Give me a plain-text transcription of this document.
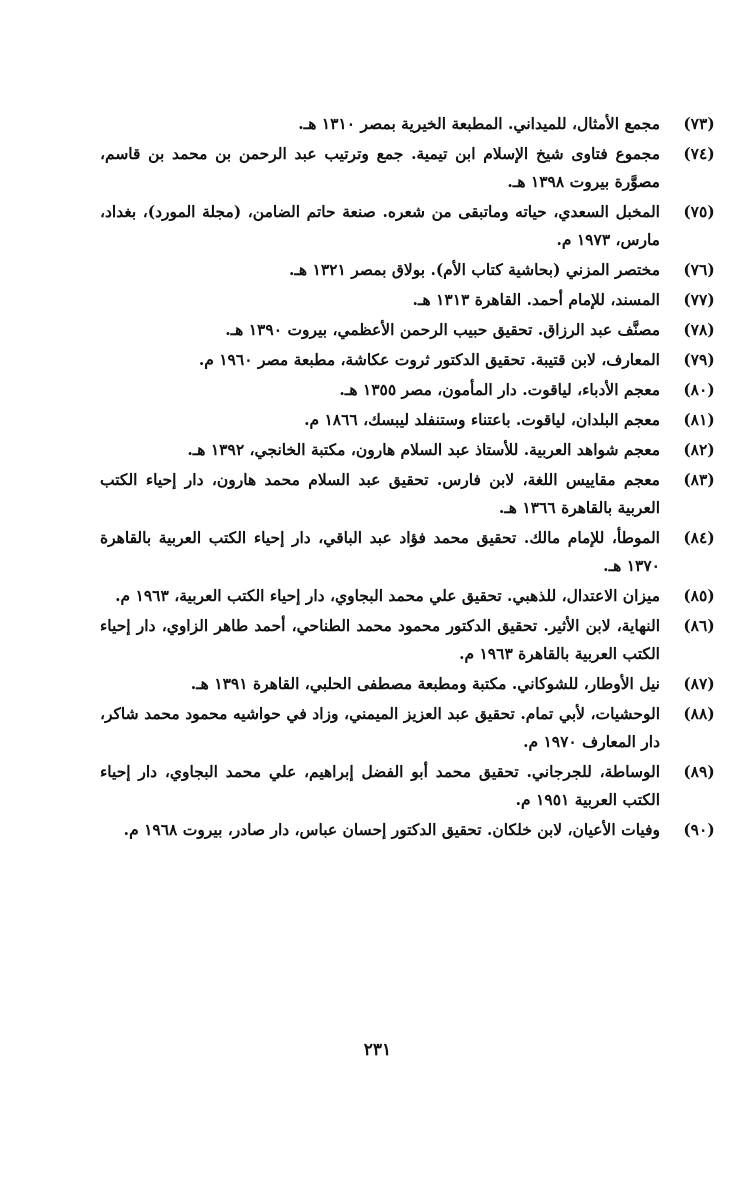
(٧٣)

مجمع الأمثال، للميداني. المطبعة الخيرية بمصر ١٣١٠ هـ.

(٧٤)

مجموع فتاوى شيخ الإسلام ابن تيمية. جمع وترتيب عبد الرحمن بن محمد بن قاسم، مصوَّرة بيروت ١٣٩٨ هـ.

(٧٥)

المخبل السعدي، حياته وماتبقى من شعره. صنعة حاتم الضامن، (مجلة المورد)، بغداد، مارس، ١٩٧٣ م.

(٧٦)

مختصر المزني (بحاشية كتاب الأم). بولاق بمصر ١٣٢١ هـ.

(٧٧)

المسند، للإمام أحمد. القاهرة ١٣١٣ هـ.

(٧٨)

مصنَّف عبد الرزاق. تحقيق حبيب الرحمن الأعظمي، بيروت ١٣٩٠ هـ.

(٧٩)

المعارف، لابن قتيبة. تحقيق الدكتور ثروت عكاشة، مطبعة مصر ١٩٦٠ م.

(٨٠)

معجم الأدباء، لياقوت. دار المأمون، مصر ١٣٥٥ هـ.

(٨١)

معجم البلدان، لياقوت. باعتناء وستنفلد ليبسك، ١٨٦٦ م.

(٨٢)

معجم شواهد العربية. للأستاذ عبد السلام هارون، مكتبة الخانجي، ١٣٩٢ هـ.

(٨٣)

معجم مقاييس اللغة، لابن فارس. تحقيق عبد السلام محمد هارون، دار إحياء الكتب العربية بالقاهرة ١٣٦٦ هـ.

(٨٤)

الموطأ، للإمام مالك. تحقيق محمد فؤاد عبد الباقي، دار إحياء الكتب العربية بالقاهرة ١٣٧٠ هـ.

(٨٥)

ميزان الاعتدال، للذهبي. تحقيق علي محمد البجاوي، دار إحياء الكتب العربية، ١٩٦٣ م.

(٨٦)

النهاية، لابن الأثير. تحقيق الدكتور محمود محمد الطناحي، أحمد طاهر الزاوي، دار إحياء الكتب العربية بالقاهرة ١٩٦٣ م.

(٨٧)

نيل الأوطار، للشوكاني. مكتبة ومطبعة مصطفى الحلبي، القاهرة ١٣٩١ هـ.

(٨٨)

الوحشيات، لأبي تمام. تحقيق عبد العزيز الميمني، وزاد في حواشيه محمود محمد شاكر، دار المعارف ١٩٧٠ م.

(٨٩)

الوساطة، للجرجاني. تحقيق محمد أبو الفضل إبراهيم، علي محمد البجاوي، دار إحياء الكتب العربية ١٩٥١ م.

(٩٠)

وفيات الأعيان، لابن خلكان. تحقيق الدكتور إحسان عباس، دار صادر، بيروت ١٩٦٨ م.

٢٣١
